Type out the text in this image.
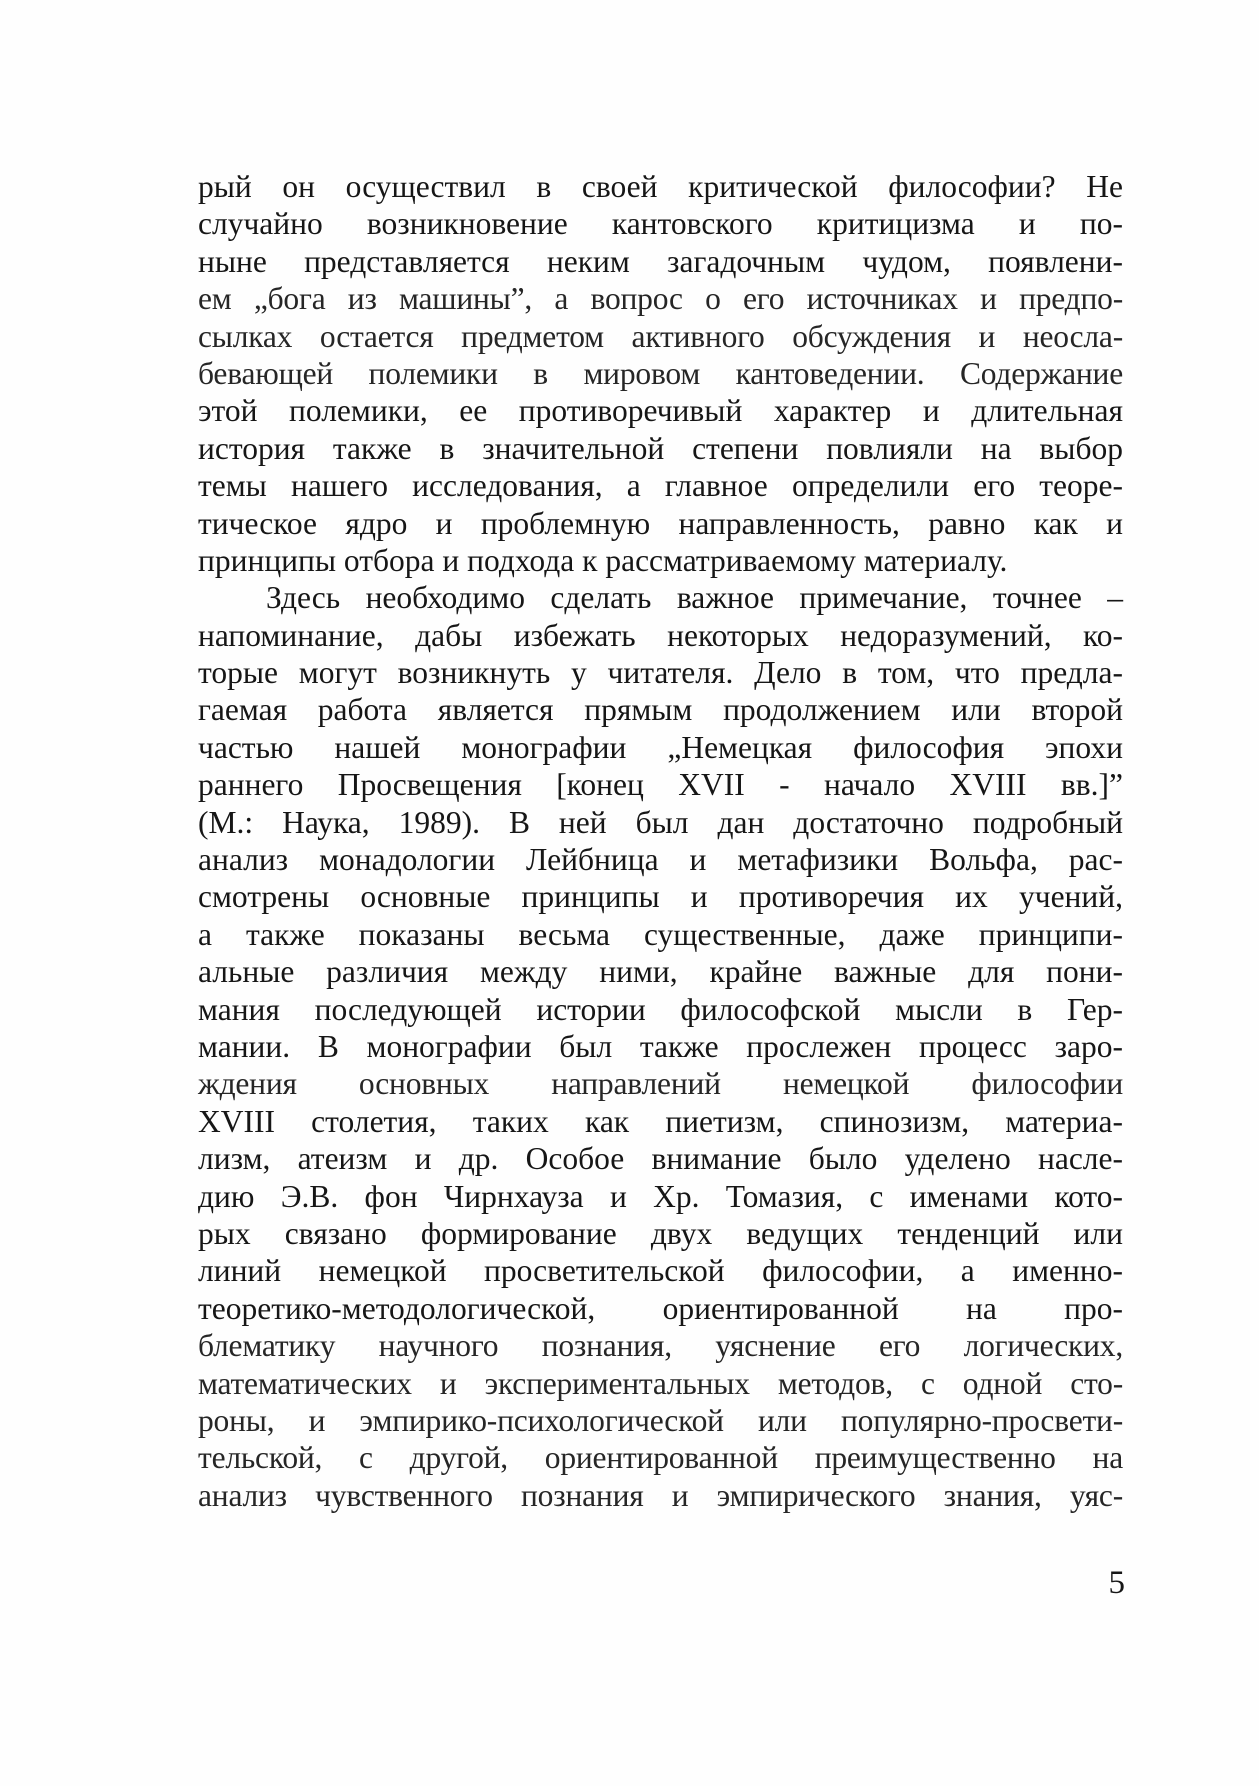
рый он осуществил в своей критической философии? Не
случайно возникновение кантовского критицизма и по-
ныне представляется неким загадочным чудом, появлени-
ем „бога из машины”, а вопрос о его источниках и предпо-
сылках остается предметом активного обсуждения и неосла-
бевающей полемики в мировом кантоведении. Содержание
этой полемики, ее противоречивый характер и длительная
история также в значительной степени повлияли на выбор
темы нашего исследования, а главное определили его теоре-
тическое ядро и проблемную направленность, равно как и
принципы отбора и подхода к рассматриваемому материалу.
Здесь необходимо сделать важное примечание, точнее –
напоминание, дабы избежать некоторых недоразумений, ко-
торые могут возникнуть у читателя. Дело в том, что предла-
гаемая работа является прямым продолжением или второй
частью нашей монографии „Немецкая философия эпохи
раннего Просвещения [конец XVII - начало XVIII вв.]”
(М.: Наука, 1989). В ней был дан достаточно подробный
анализ монадологии Лейбница и метафизики Вольфа, рас-
смотрены основные принципы и противоречия их учений,
а также показаны весьма существенные, даже принципи-
альные различия между ними, крайне важные для пони-
мания последующей истории философской мысли в Гер-
мании. В монографии был также прослежен процесс заро-
ждения основных направлений немецкой философии
XVIII столетия, таких как пиетизм, спинозизм, материа-
лизм, атеизм и др. Особое внимание было уделено насле-
дию Э.В. фон Чирнхауза и Хр. Томазия, с именами кото-
рых связано формирование двух ведущих тенденций или
линий немецкой просветительской философии, а именно-
теоретико-методологической, ориентированной на про-
блематику научного познания, уяснение его логических,
математических и экспериментальных методов, с одной сто-
роны, и эмпирико-психологической или популярно-просвети-
тельской, с другой, ориентированной преимущественно на
анализ чувственного познания и эмпирического знания, уяс-
5
